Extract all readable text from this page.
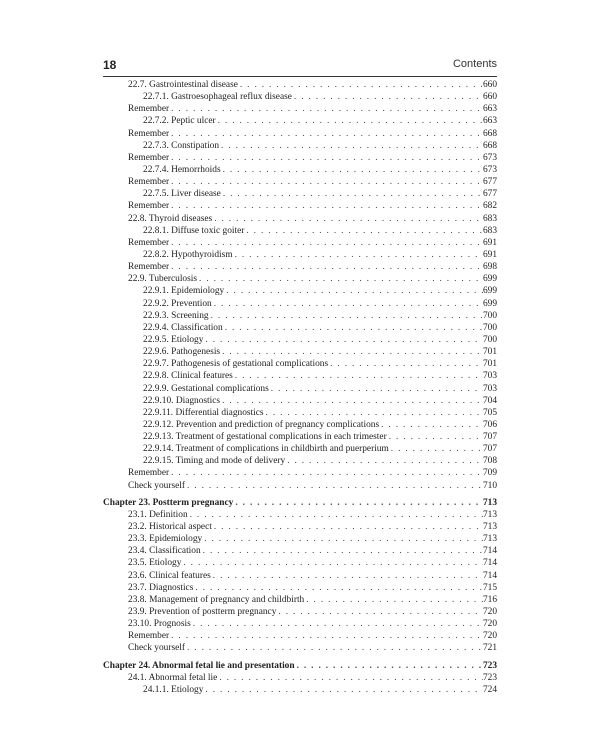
18	Contents
22.7. Gastrointestinal disease . . .	660
22.7.1. Gastroesophageal reflux disease . . .	660
Remember . . .	663
22.7.2. Peptic ulcer . . .	663
Remember . . .	668
22.7.3. Constipation . . .	668
Remember . . .	673
22.7.4. Hemorrhoids . . .	673
Remember . . .	677
22.7.5. Liver disease . . .	677
Remember . . .	682
22.8. Thyroid diseases . . .	683
22.8.1. Diffuse toxic goiter . . .	683
Remember . . .	691
22.8.2. Hypothyroidism . . .	691
Remember . . .	698
22.9. Tuberculosis . . .	699
22.9.1. Epidemiology . . .	699
22.9.2. Prevention . . .	699
22.9.3. Screening . . .	700
22.9.4. Classification . . .	700
22.9.5. Etiology . . .	700
22.9.6. Pathogenesis . . .	701
22.9.7. Pathogenesis of gestational complications . . .	701
22.9.8. Clinical features . . .	703
22.9.9. Gestational complications . . .	703
22.9.10. Diagnostics . . .	704
22.9.11. Differential diagnostics . . .	705
22.9.12. Prevention and prediction of pregnancy complications . . .	706
22.9.13. Treatment of gestational complications in each trimester . . .	707
22.9.14. Treatment of complications in childbirth and puerperium . . .	707
22.9.15. Timing and mode of delivery . . .	708
Remember . . .	709
Check yourself . . .	710
Chapter 23. Postterm pregnancy . . .	713
23.1. Definition . . .	713
23.2. Historical aspect . . .	713
23.3. Epidemiology . . .	713
23.4. Classification . . .	714
23.5. Etiology . . .	714
23.6. Clinical features . . .	714
23.7. Diagnostics . . .	715
23.8. Management of pregnancy and childbirth . . .	716
23.9. Prevention of postterm pregnancy . . .	720
23.10. Prognosis . . .	720
Remember . . .	720
Check yourself . . .	721
Chapter 24. Abnormal fetal lie and presentation . . .	723
24.1. Abnormal fetal lie . . .	723
24.1.1. Etiology . . .	724
